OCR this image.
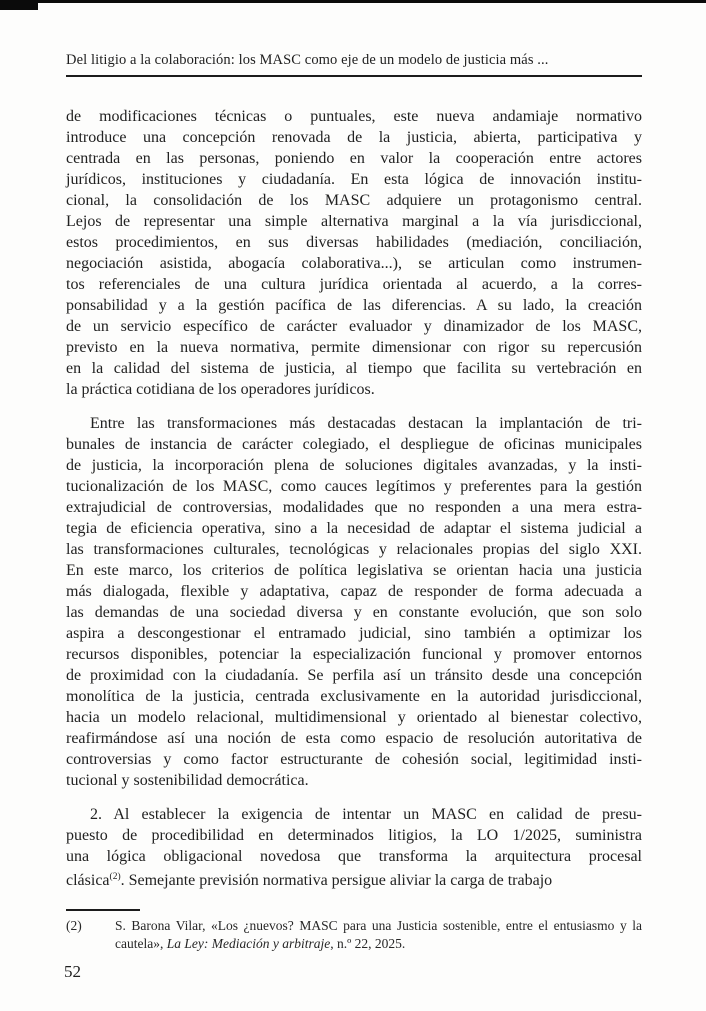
Del litigio a la colaboración: los MASC como eje de un modelo de justicia más ...
de modificaciones técnicas o puntuales, este nueva andamiaje normativo
introduce una concepción renovada de la justicia, abierta, participativa y
centrada en las personas, poniendo en valor la cooperación entre actores
jurídicos, instituciones y ciudadanía. En esta lógica de innovación institu-
cional, la consolidación de los MASC adquiere un protagonismo central.
Lejos de representar una simple alternativa marginal a la vía jurisdiccional,
estos procedimientos, en sus diversas habilidades (mediación, conciliación,
negociación asistida, abogacía colaborativa...), se articulan como instrumen-
tos referenciales de una cultura jurídica orientada al acuerdo, a la corres-
ponsabilidad y a la gestión pacífica de las diferencias. A su lado, la creación
de un servicio específico de carácter evaluador y dinamizador de los MASC,
previsto en la nueva normativa, permite dimensionar con rigor su repercusión
en la calidad del sistema de justicia, al tiempo que facilita su vertebración en
la práctica cotidiana de los operadores jurídicos.
Entre las transformaciones más destacadas destacan la implantación de tri-
bunales de instancia de carácter colegiado, el despliegue de oficinas municipales
de justicia, la incorporación plena de soluciones digitales avanzadas, y la insti-
tucionalización de los MASC, como cauces legítimos y preferentes para la gestión
extrajudicial de controversias, modalidades que no responden a una mera estra-
tegia de eficiencia operativa, sino a la necesidad de adaptar el sistema judicial a
las transformaciones culturales, tecnológicas y relacionales propias del siglo XXI.
En este marco, los criterios de política legislativa se orientan hacia una justicia
más dialogada, flexible y adaptativa, capaz de responder de forma adecuada a
las demandas de una sociedad diversa y en constante evolución, que son solo
aspira a descongestionar el entramado judicial, sino también a optimizar los
recursos disponibles, potenciar la especialización funcional y promover entornos
de proximidad con la ciudadanía. Se perfila así un tránsito desde una concepción
monolítica de la justicia, centrada exclusivamente en la autoridad jurisdiccional,
hacia un modelo relacional, multidimensional y orientado al bienestar colectivo,
reafirmándose así una noción de esta como espacio de resolución autoritativa de
controversias y como factor estructurante de cohesión social, legitimidad insti-
tucional y sostenibilidad democrática.
2. Al establecer la exigencia de intentar un MASC en calidad de presu-
puesto de procedibilidad en determinados litigios, la LO 1/2025, suministra
una lógica obligacional novedosa que transforma la arquitectura procesal
clásica$^{(2)}$. Semejante previsión normativa persigue aliviar la carga de trabajo
(2)	S. Barona Vilar, «Los ¿nuevos? MASC para una Justicia sostenible, entre el entusiasmo y la cautela», La Ley: Mediación y arbitraje, n.º 22, 2025.
52
